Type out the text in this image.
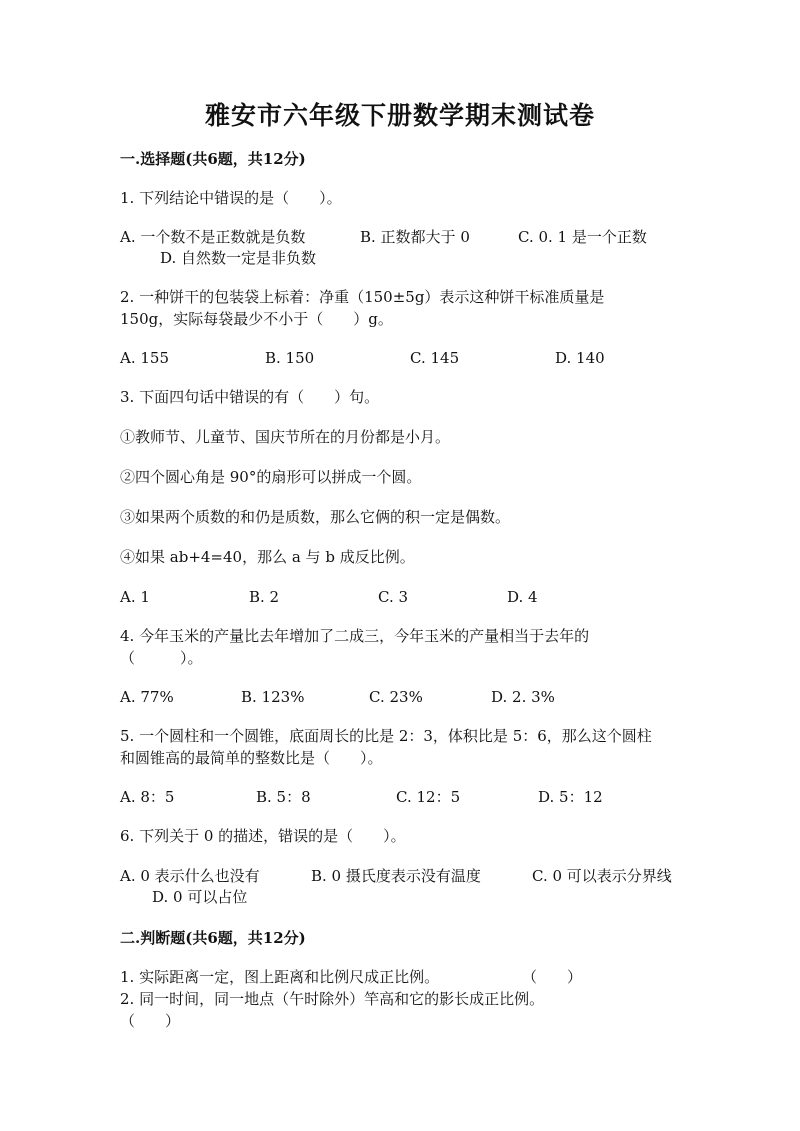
雅安市六年级下册数学期末测试卷
一.选择题(共6题，共12分)
1. 下列结论中错误的是（　　）。
A. 一个数不是正数就是负数	B. 正数都大于 0	C. 0. 1 是一个正数
D. 自然数一定是非负数
2. 一种饼干的包装袋上标着：净重（150±5g）表示这种饼干标准质量是
150g，实际每袋最少不小于（　　）g。
A. 155	B. 150	C. 145	D. 140
3. 下面四句话中错误的有（　　）句。
①教师节、儿童节、国庆节所在的月份都是小月。
②四个圆心角是 90°的扇形可以拼成一个圆。
③如果两个质数的和仍是质数，那么它俩的积一定是偶数。
④如果 ab+4=40，那么 a 与 b 成反比例。
A. 1	B. 2	C. 3	D. 4
4. 今年玉米的产量比去年增加了二成三，今年玉米的产量相当于去年的
（　　　）。
A. 77%	B. 123%	C. 23%	D. 2. 3%
5. 一个圆柱和一个圆锥，底面周长的比是 2：3，体积比是 5：6，那么这个圆柱
和圆锥高的最简单的整数比是（　　）。
A. 8：5	B. 5：8	C. 12：5	D. 5：12
6. 下列关于 0 的描述，错误的是（　　）。
A. 0 表示什么也没有	B. 0 摄氏度表示没有温度	C. 0 可以表示分界线
D. 0 可以占位
二.判断题(共6题，共12分)
1. 实际距离一定，图上距离和比例尺成正比例。	（　　）
2. 同一时间，同一地点（午时除外）竿高和它的影长成正比例。
（　　）
